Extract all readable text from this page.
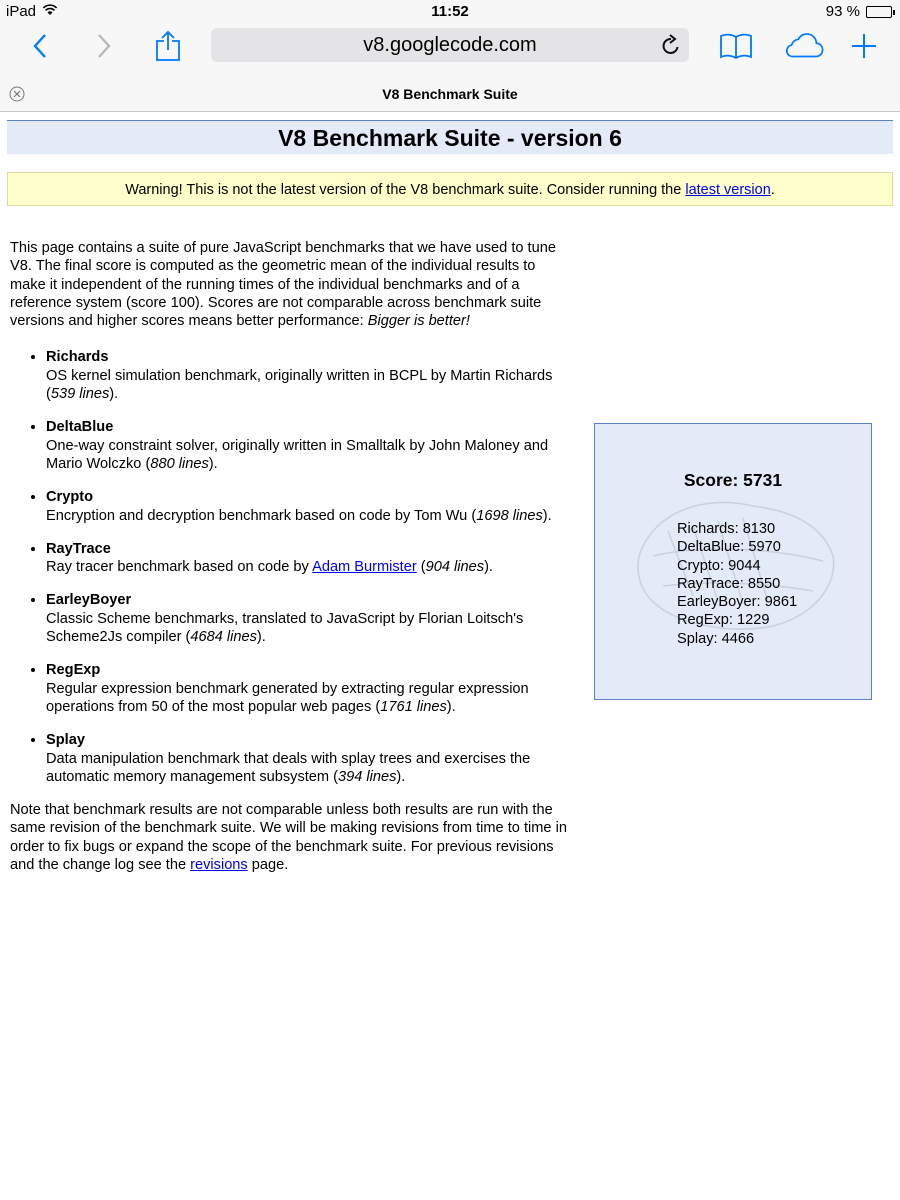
iPad	11:52	93 %
v8.googlecode.com
V8 Benchmark Suite
V8 Benchmark Suite - version 6
Warning! This is not the latest version of the V8 benchmark suite. Consider running the latest version.

This page contains a suite of pure JavaScript benchmarks that we have used to tune V8. The final score is computed as the geometric mean of the individual results to make it independent of the running times of the individual benchmarks and of a reference system (score 100). Scores are not comparable across benchmark suite versions and higher scores means better performance: Bigger is better!

• Richards
OS kernel simulation benchmark, originally written in BCPL by Martin Richards (539 lines).
• DeltaBlue
One-way constraint solver, originally written in Smalltalk by John Maloney and Mario Wolczko (880 lines).
• Crypto
Encryption and decryption benchmark based on code by Tom Wu (1698 lines).
• RayTrace
Ray tracer benchmark based on code by Adam Burmister (904 lines).
• EarleyBoyer
Classic Scheme benchmarks, translated to JavaScript by Florian Loitsch's Scheme2Js compiler (4684 lines).
• RegExp
Regular expression benchmark generated by extracting regular expression operations from 50 of the most popular web pages (1761 lines).
• Splay
Data manipulation benchmark that deals with splay trees and exercises the automatic memory management subsystem (394 lines).

Note that benchmark results are not comparable unless both results are run with the same revision of the benchmark suite. We will be making revisions from time to time in order to fix bugs or expand the scope of the benchmark suite. For previous revisions and the change log see the revisions page.

Score: 5731
Richards: 8130
DeltaBlue: 5970
Crypto: 9044
RayTrace: 8550
EarleyBoyer: 9861
RegExp: 1229
Splay: 4466
